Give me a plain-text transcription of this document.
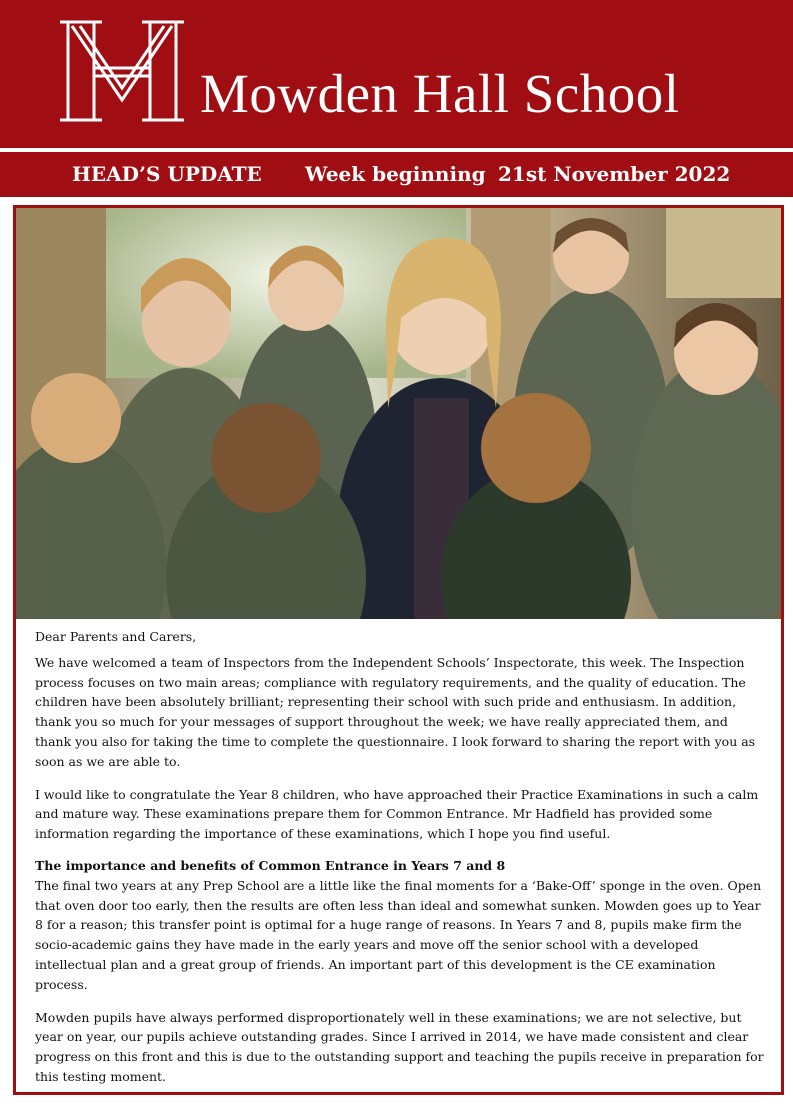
Mowden Hall School
HEAD’S UPDATE Week beginning 21st November 2022

Dear Parents and Carers,

We have welcomed a team of Inspectors from the Independent Schools’ Inspectorate, this week. The Inspection process focuses on two main areas; compliance with regulatory requirements, and the quality of education. The children have been absolutely brilliant; representing their school with such pride and enthusiasm. In addition, thank you so much for your messages of support throughout the week; we have really appreciated them, and thank you also for taking the time to complete the questionnaire. I look forward to sharing the report with you as soon as we are able to.

I would like to congratulate the Year 8 children, who have approached their Practice Examinations in such a calm and mature way. These examinations prepare them for Common Entrance. Mr Hadfield has provided some information regarding the importance of these examinations, which I hope you find useful.

The importance and benefits of Common Entrance in Years 7 and 8

The final two years at any Prep School are a little like the final moments for a ‘Bake-Off’ sponge in the oven. Open that oven door too early, then the results are often less than ideal and somewhat sunken. Mowden goes up to Year 8 for a reason; this transfer point is optimal for a huge range of reasons. In Years 7 and 8, pupils make firm the socio-academic gains they have made in the early years and move off the senior school with a developed intellectual plan and a great group of friends. An important part of this development is the CE examination process.

Mowden pupils have always performed disproportionately well in these examinations; we are not selective, but year on year, our pupils achieve outstanding grades. Since I arrived in 2014, we have made consistent and clear progress on this front and this is due to the outstanding support and teaching the pupils receive in preparation for this testing moment.
